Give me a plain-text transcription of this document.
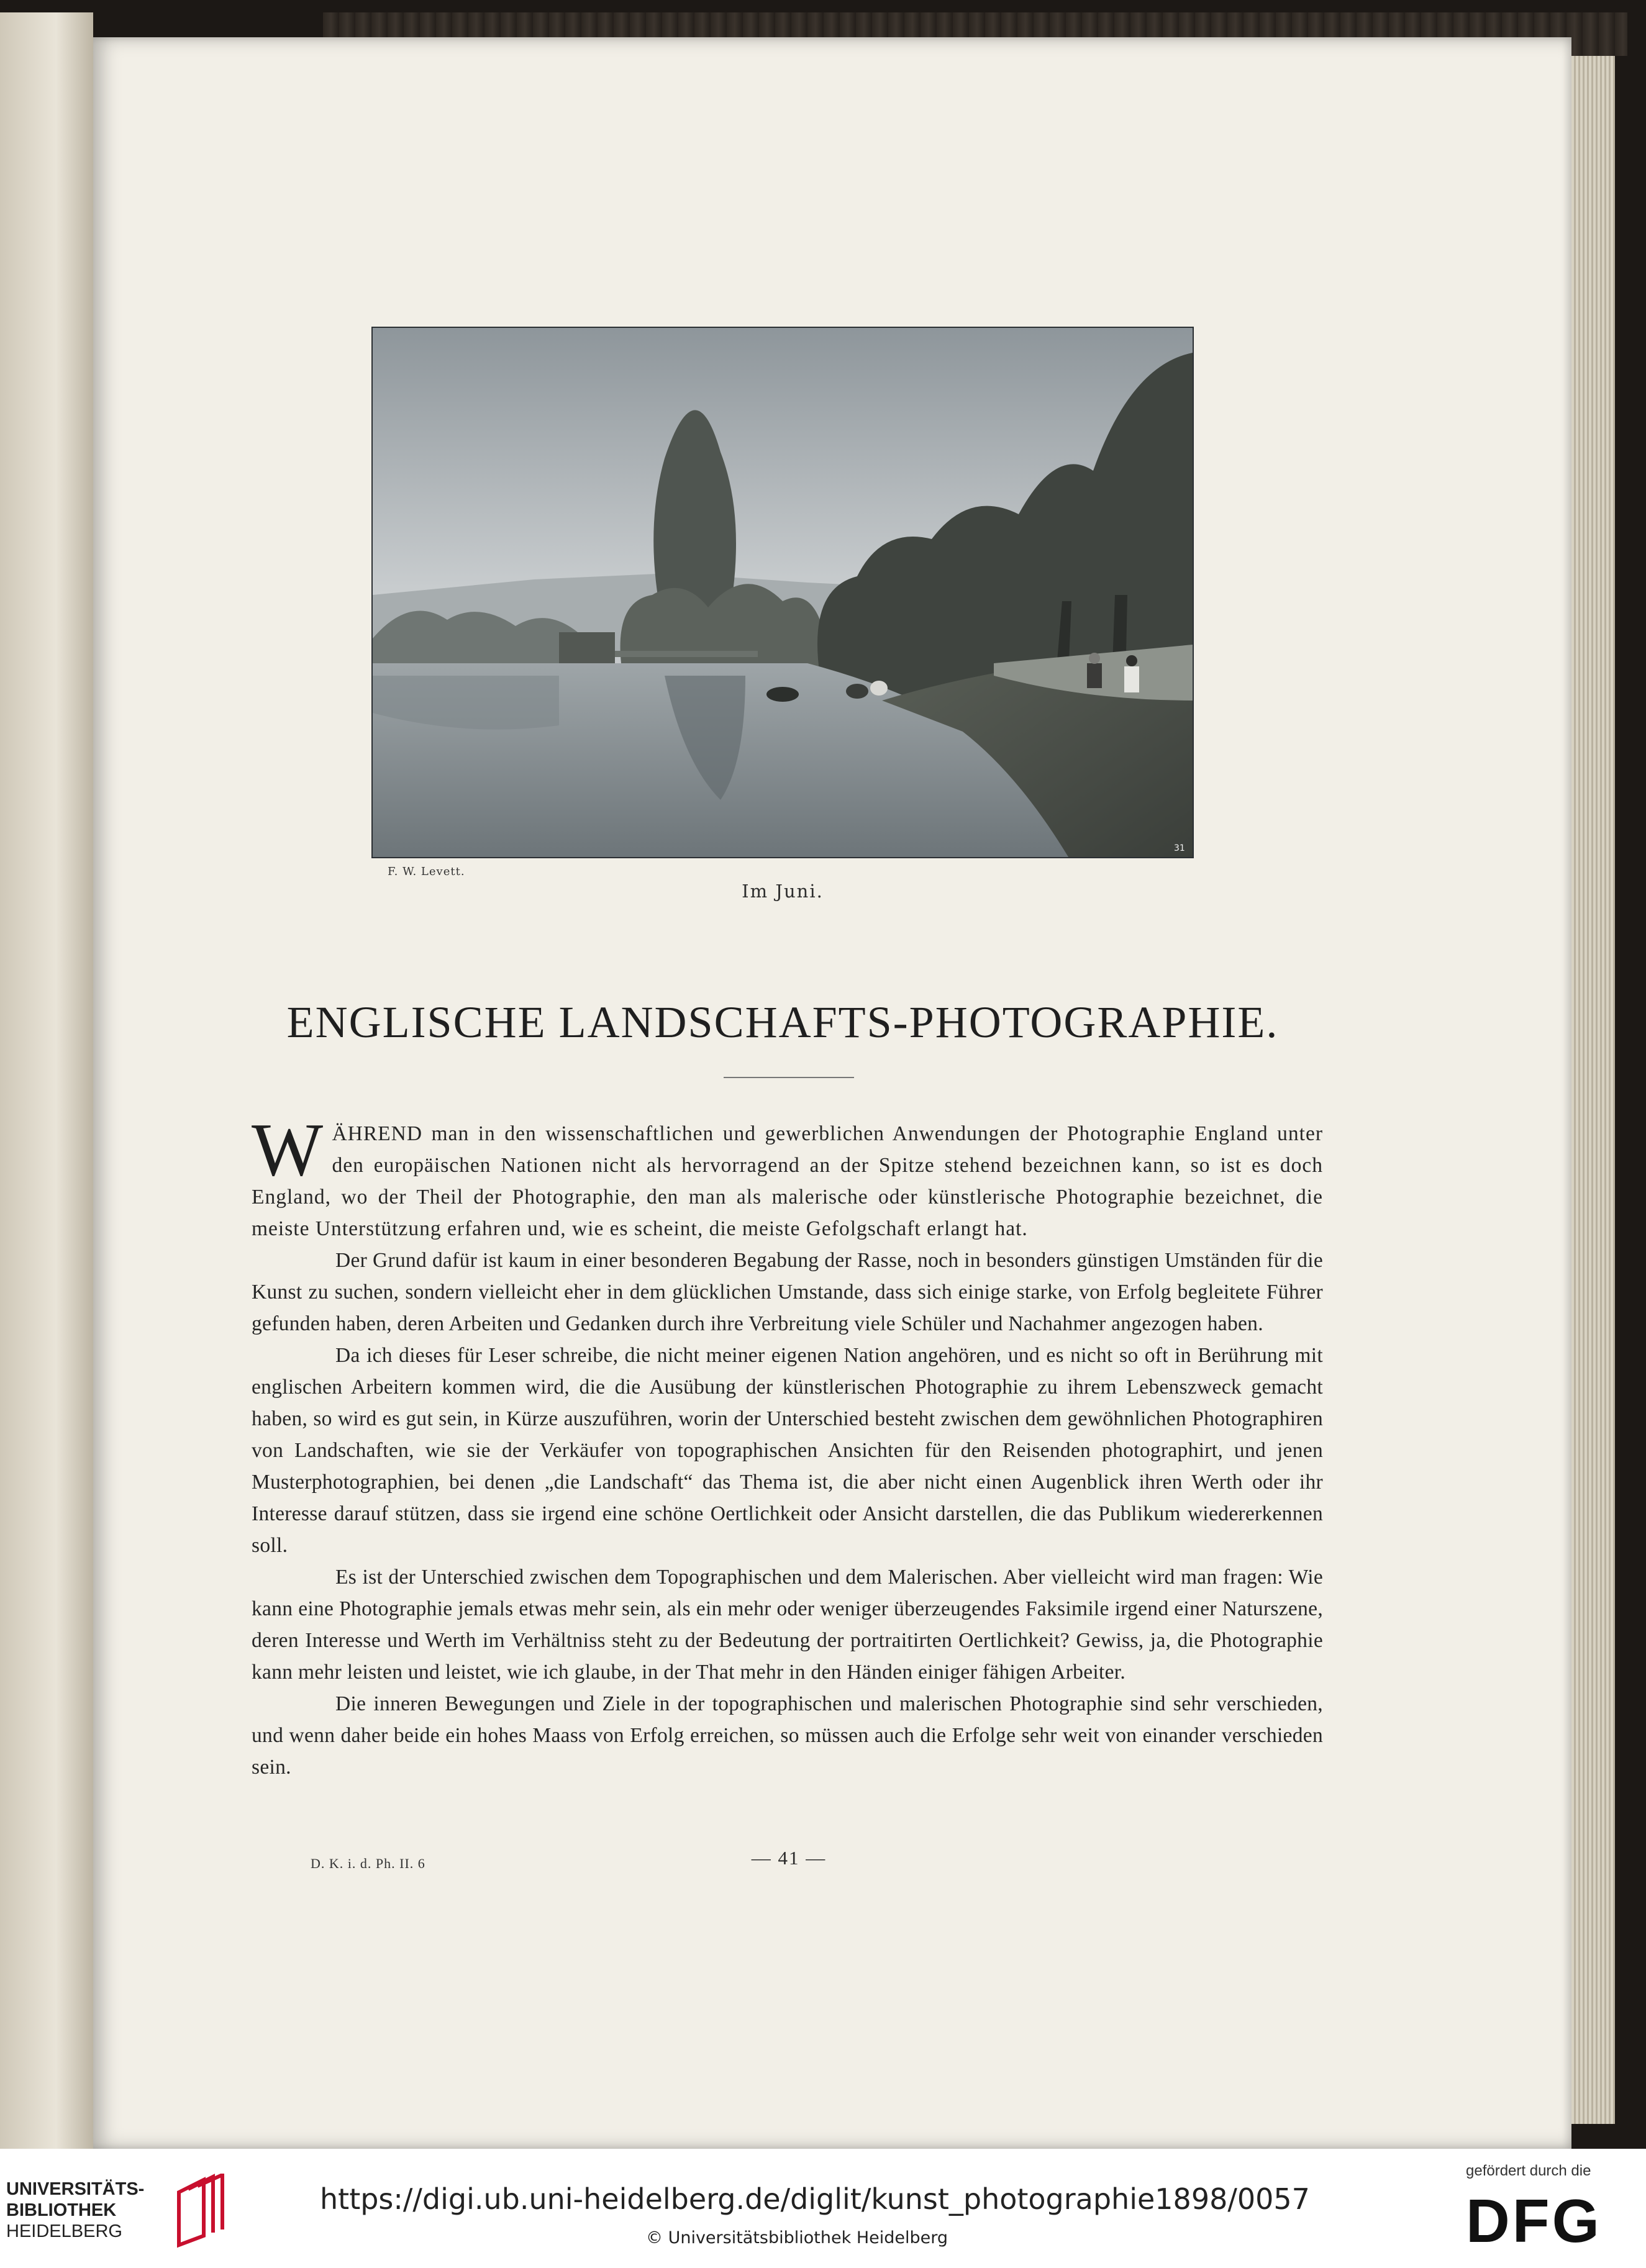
31
F. W. Levett.
Im Juni.
ENGLISCHE LANDSCHAFTS-PHOTOGRAPHIE.

WÄHREND man in den wissenschaftlichen und gewerblichen Anwendungen der Photographie England unter den europäischen Nationen nicht als hervorragend an der Spitze stehend bezeichnen kann, so ist es doch England, wo der Theil der Photographie, den man als malerische oder künstlerische Photographie bezeichnet, die meiste Unterstützung erfahren und, wie es scheint, die meiste Gefolgschaft erlangt hat.

Der Grund dafür ist kaum in einer besonderen Begabung der Rasse, noch in besonders günstigen Umständen für die Kunst zu suchen, sondern vielleicht eher in dem glücklichen Umstande, dass sich einige starke, von Erfolg begleitete Führer gefunden haben, deren Arbeiten und Gedanken durch ihre Verbreitung viele Schüler und Nachahmer angezogen haben.

Da ich dieses für Leser schreibe, die nicht meiner eigenen Nation angehören, und es nicht so oft in Berührung mit englischen Arbeitern kommen wird, die die Ausübung der künstlerischen Photographie zu ihrem Lebenszweck gemacht haben, so wird es gut sein, in Kürze auszuführen, worin der Unterschied besteht zwischen dem gewöhnlichen Photographiren von Landschaften, wie sie der Verkäufer von topographischen Ansichten für den Reisenden photographirt, und jenen Musterphotographien, bei denen „die Landschaft“ das Thema ist, die aber nicht einen Augenblick ihren Werth oder ihr Interesse darauf stützen, dass sie irgend eine schöne Oertlichkeit oder Ansicht darstellen, die das Publikum wiedererkennen soll.

Es ist der Unterschied zwischen dem Topographischen und dem Malerischen. Aber vielleicht wird man fragen: Wie kann eine Photographie jemals etwas mehr sein, als ein mehr oder weniger überzeugendes Faksimile irgend einer Naturszene, deren Interesse und Werth im Verhältniss steht zu der Bedeutung der portraitirten Oertlichkeit? Gewiss, ja, die Photographie kann mehr leisten und leistet, wie ich glaube, in der That mehr in den Händen einiger fähigen Arbeiter.

Die inneren Bewegungen und Ziele in der topographischen und malerischen Photographie sind sehr verschieden, und wenn daher beide ein hohes Maass von Erfolg erreichen, so müssen auch die Erfolge sehr weit von einander verschieden sein.

D. K. i. d. Ph. II. 6	— 41 —
UNIVERSITÄTS-
BIBLIOTHEK
HEIDELBERG
https://digi.ub.uni-heidelberg.de/diglit/kunst_photographie1898/0057
© Universitätsbibliothek Heidelberg
gefördert durch die
DFG
